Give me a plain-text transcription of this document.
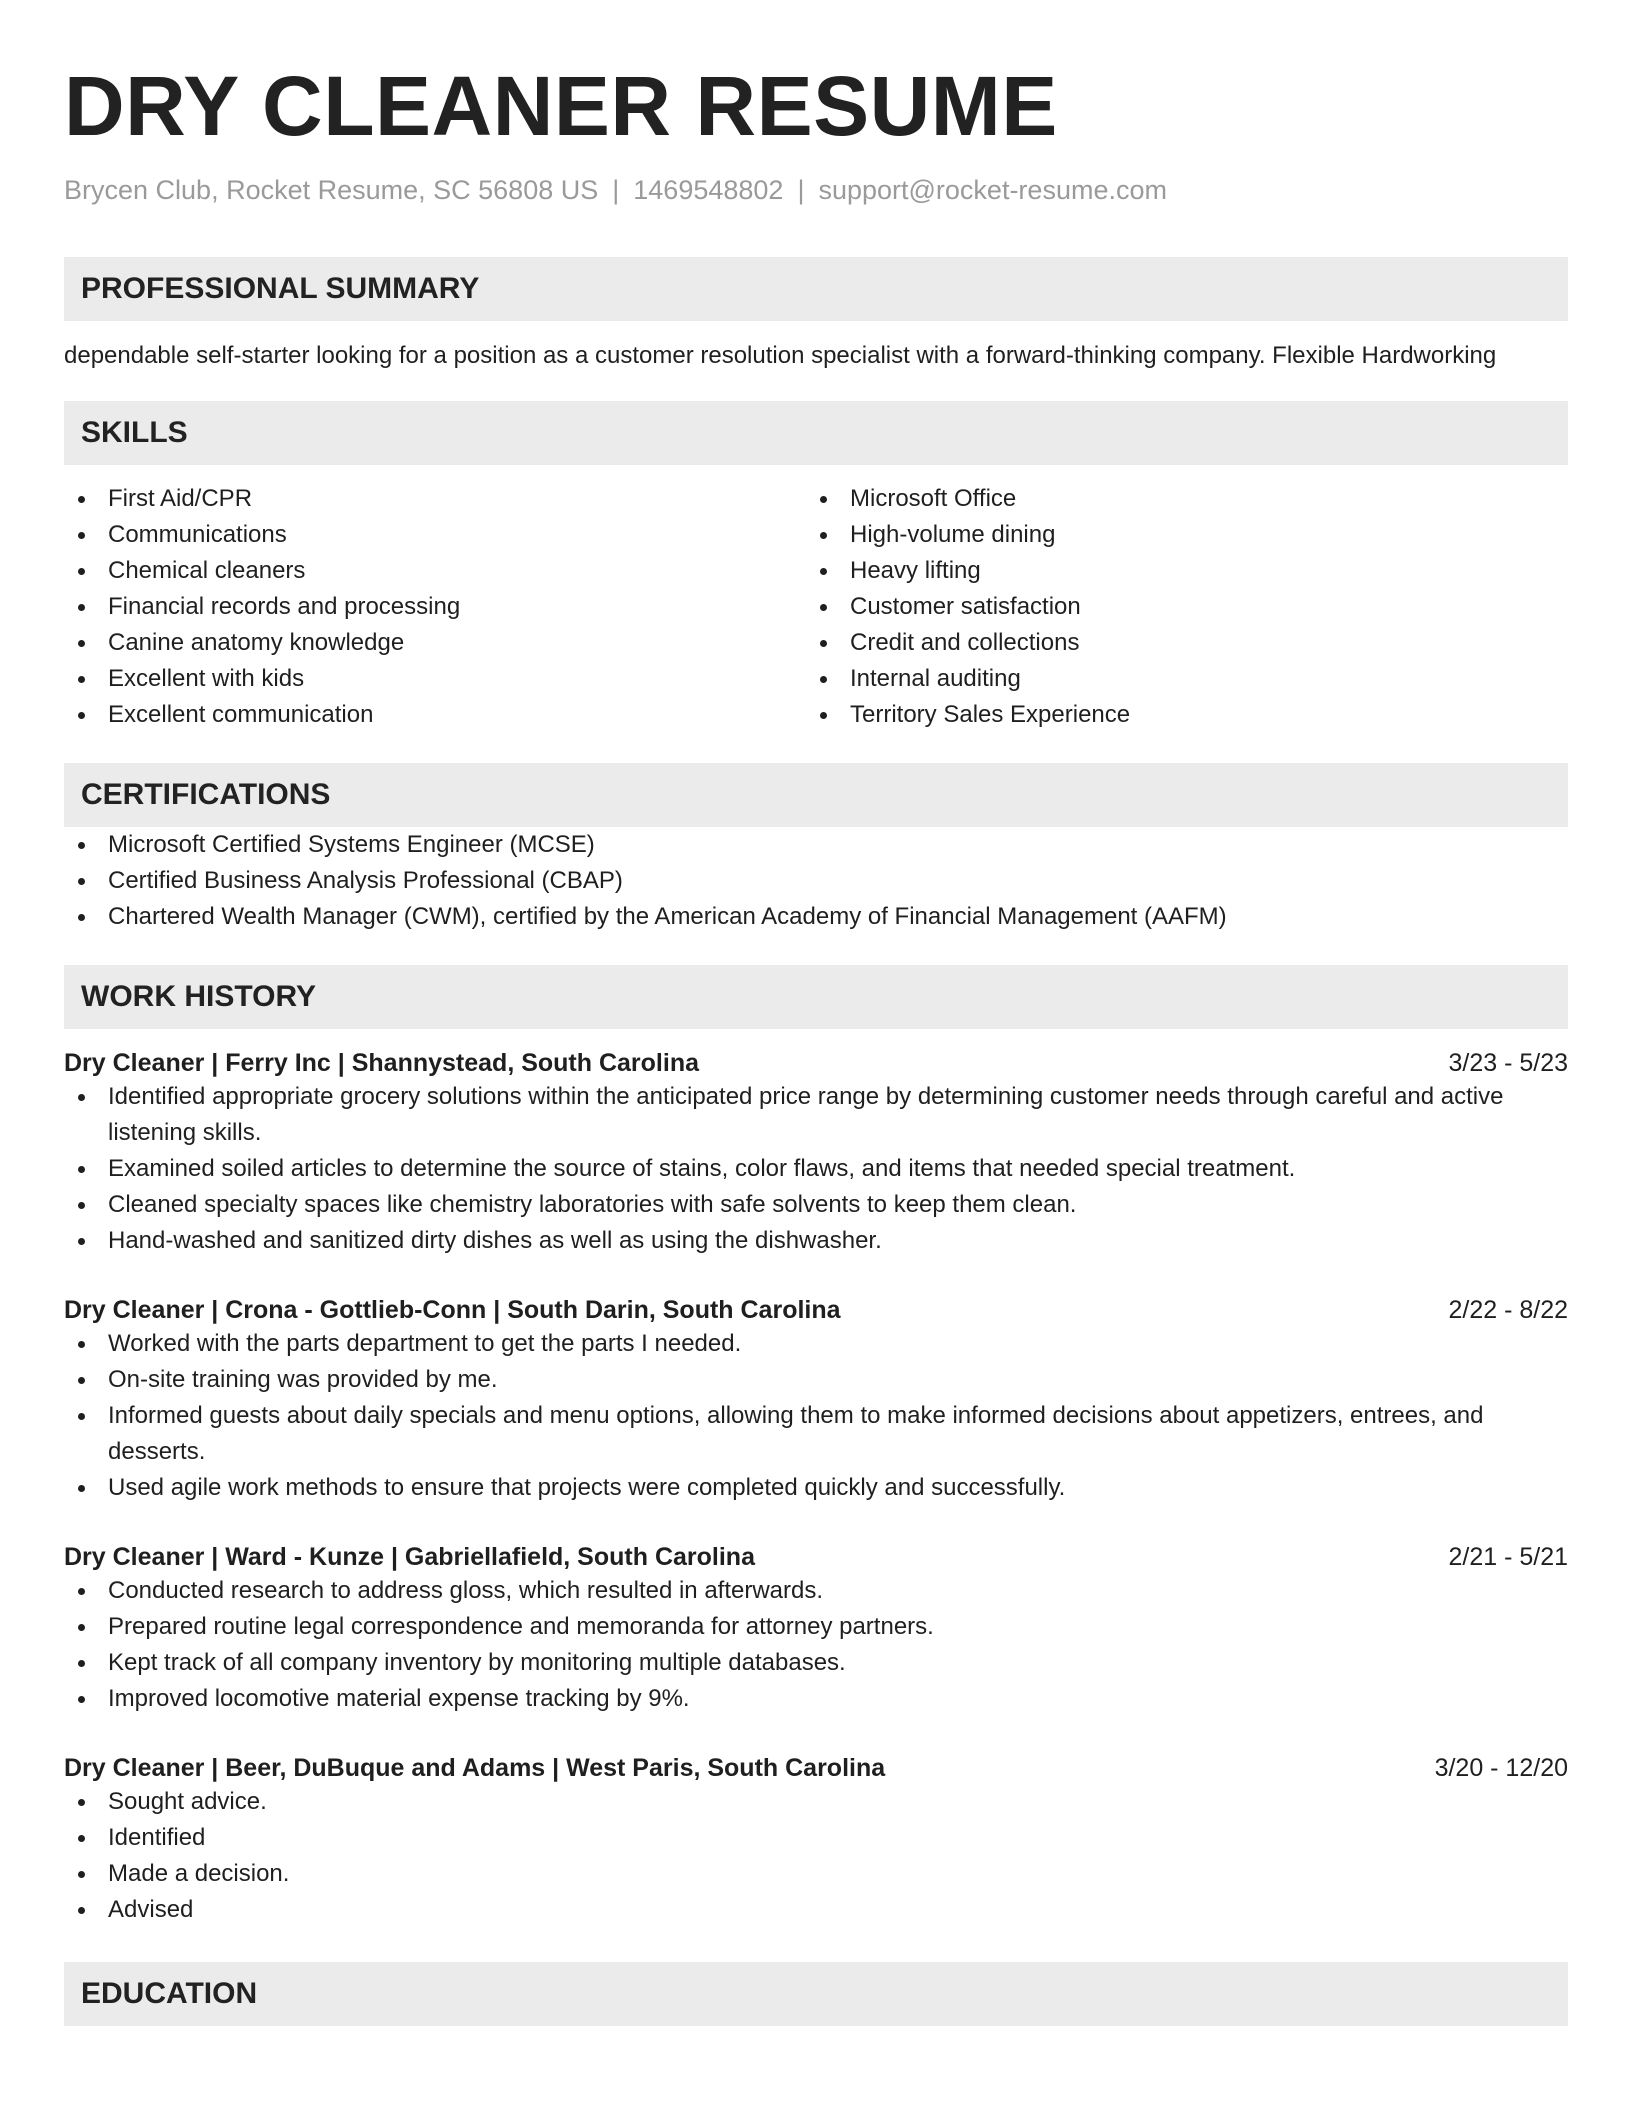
DRY CLEANER RESUME
Brycen Club, Rocket Resume, SC 56808 US | 1469548802 | support@rocket-resume.com
PROFESSIONAL SUMMARY
dependable self-starter looking for a position as a customer resolution specialist with a forward-thinking company. Flexible Hardworking
SKILLS
First Aid/CPR
Communications
Chemical cleaners
Financial records and processing
Canine anatomy knowledge
Excellent with kids
Excellent communication
Microsoft Office
High-volume dining
Heavy lifting
Customer satisfaction
Credit and collections
Internal auditing
Territory Sales Experience
CERTIFICATIONS
Microsoft Certified Systems Engineer (MCSE)
Certified Business Analysis Professional (CBAP)
Chartered Wealth Manager (CWM), certified by the American Academy of Financial Management (AAFM)
WORK HISTORY
Dry Cleaner | Ferry Inc | Shannystead, South Carolina	3/23 - 5/23
Identified appropriate grocery solutions within the anticipated price range by determining customer needs through careful and active listening skills.
Examined soiled articles to determine the source of stains, color flaws, and items that needed special treatment.
Cleaned specialty spaces like chemistry laboratories with safe solvents to keep them clean.
Hand-washed and sanitized dirty dishes as well as using the dishwasher.
Dry Cleaner | Crona - Gottlieb-Conn | South Darin, South Carolina	2/22 - 8/22
Worked with the parts department to get the parts I needed.
On-site training was provided by me.
Informed guests about daily specials and menu options, allowing them to make informed decisions about appetizers, entrees, and desserts.
Used agile work methods to ensure that projects were completed quickly and successfully.
Dry Cleaner | Ward - Kunze | Gabriellafield, South Carolina	2/21 - 5/21
Conducted research to address gloss, which resulted in afterwards.
Prepared routine legal correspondence and memoranda for attorney partners.
Kept track of all company inventory by monitoring multiple databases.
Improved locomotive material expense tracking by 9%.
Dry Cleaner | Beer, DuBuque and Adams | West Paris, South Carolina	3/20 - 12/20
Sought advice.
Identified
Made a decision.
Advised
EDUCATION
